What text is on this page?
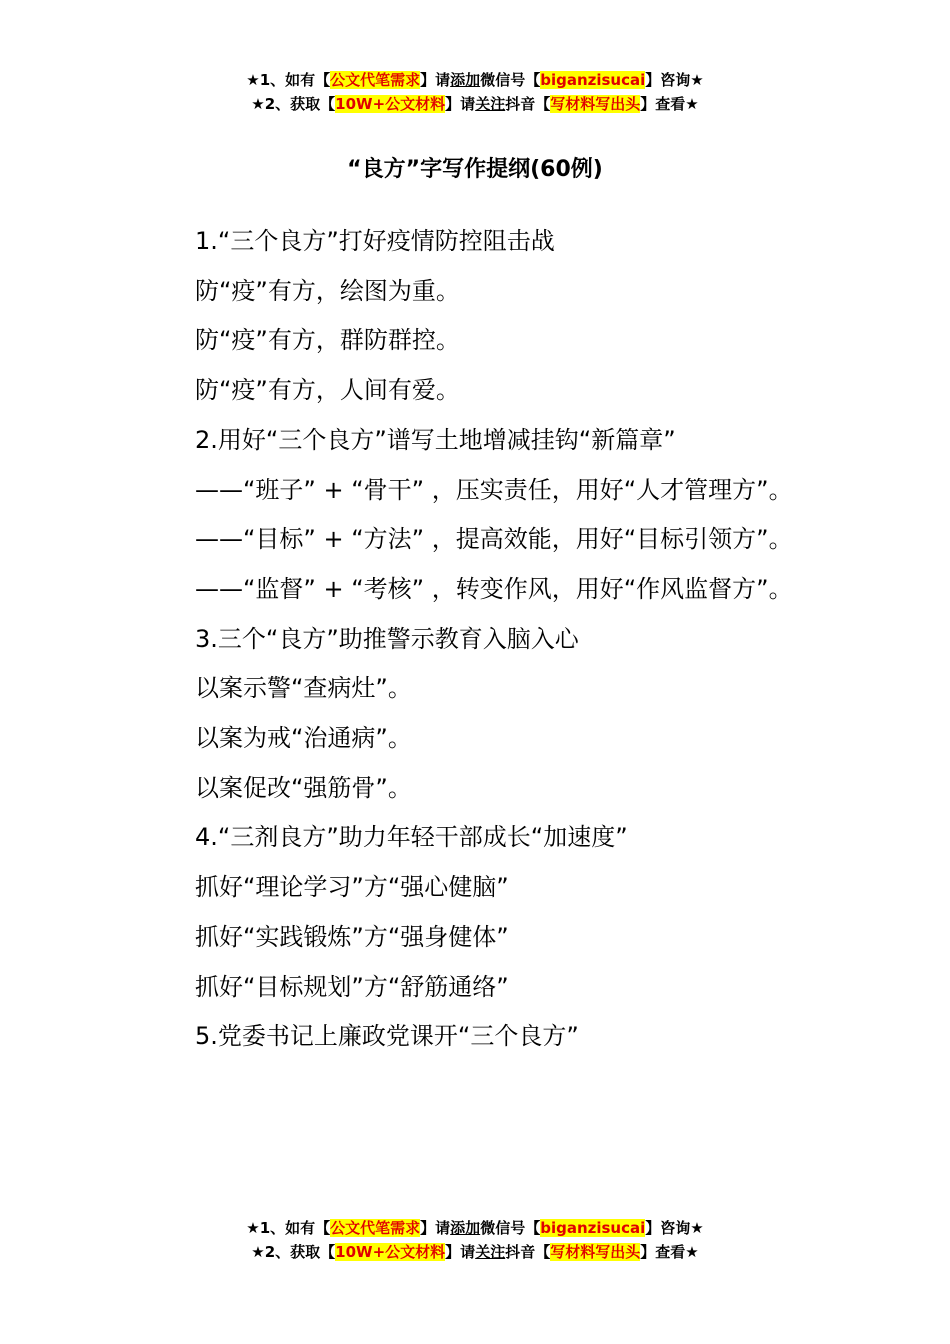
★1、如有【公文代笔需求】请添加微信号【biganzisucai】咨询★
★2、获取【10W+公文材料】请关注抖音【写材料写出头】查看★
“良方”字写作提纲(60例)

1.“三个良方”打好疫情防控阻击战

防“疫”有方，绘图为重。

防“疫”有方，群防群控。

防“疫”有方，人间有爱。

2.用好“三个良方”谱写土地增减挂钩“新篇章”

——“班子” + “骨干” ，压实责任，用好“人才管理方”。

——“目标” + “方法” ，提高效能，用好“目标引领方”。

——“监督” + “考核” ，转变作风，用好“作风监督方”。

3.三个“良方”助推警示教育入脑入心

以案示警“查病灶”。

以案为戒“治通病”。

以案促改“强筋骨”。

4.“三剂良方”助力年轻干部成长“加速度”

抓好“理论学习”方“强心健脑”

抓好“实践锻炼”方“强身健体”

抓好“目标规划”方“舒筋通络”

5.党委书记上廉政党课开“三个良方”

★1、如有【公文代笔需求】请添加微信号【biganzisucai】咨询★
★2、获取【10W+公文材料】请关注抖音【写材料写出头】查看★
